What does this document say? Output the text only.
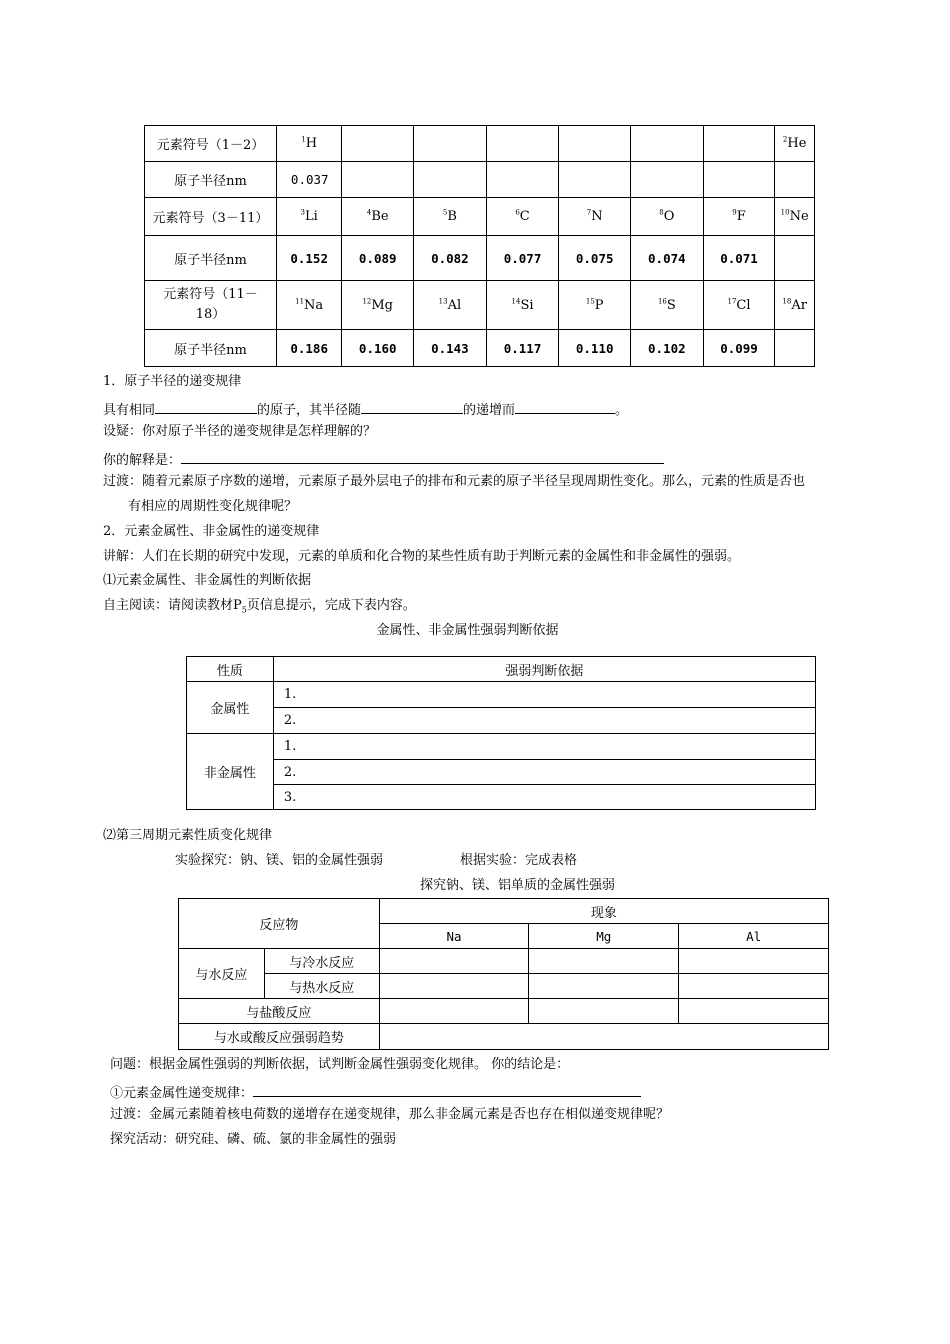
元素符号（1－2）	$^1$H							$^2$He
原子半径nm	0.037							
元素符号（3－11）	$^3$Li	$^4$Be	$^5$B	$^6$C	$^7$N	$^8$O	$^9$F	$^{10}$Ne
原子半径nm	0.152	0.089	0.082	0.077	0.075	0.074	0.071	
元素符号（11－18）	$^{11}$Na	$^{12}$Mg	$^{13}$Al	$^{14}$Si	$^{15}$P	$^{16}$S	$^{17}$Cl	$^{18}$Ar
原子半径nm	0.186	0.160	0.143	0.117	0.110	0.102	0.099	
1．原子半径的递变规律
具有相同	的原子，其半径随	的递增而	。
设疑：你对原子半径的递变规律是怎样理解的？
你的解释是：
过渡：随着元素原子序数的递增，元素原子最外层电子的排布和元素的原子半径呈现周期性变化。那么，元素的性质是否也
有相应的周期性变化规律呢？
2．元素金属性、非金属性的递变规律
讲解：人们在长期的研究中发现，元素的单质和化合物的某些性质有助于判断元素的金属性和非金属性的强弱。
⑴元素金属性、非金属性的判断依据
自主阅读：请阅读教材$P_5$页信息提示，完成下表内容。
金属性、非金属性强弱判断依据
性质	强弱判断依据
金属性	1.
	2.
非金属性	1.
	2.
	3.
⑵第三周期元素性质变化规律
实验探究：钠、镁、铝的金属性强弱	根据实验：完成表格
探究钠、镁、铝单质的金属性强弱
反应物		现象		
		Na	Mg	Al
与水反应	与冷水反应			
	与热水反应			
与盐酸反应				
与水或酸反应强弱趋势				
问题：根据金属性强弱的判断依据，试判断金属性强弱变化规律。 你的结论是：
①元素金属性递变规律：
过渡：金属元素随着核电荷数的递增存在递变规律，那么非金属元素是否也存在相似递变规律呢？
探究活动：研究硅、磷、硫、氯的非金属性的强弱
